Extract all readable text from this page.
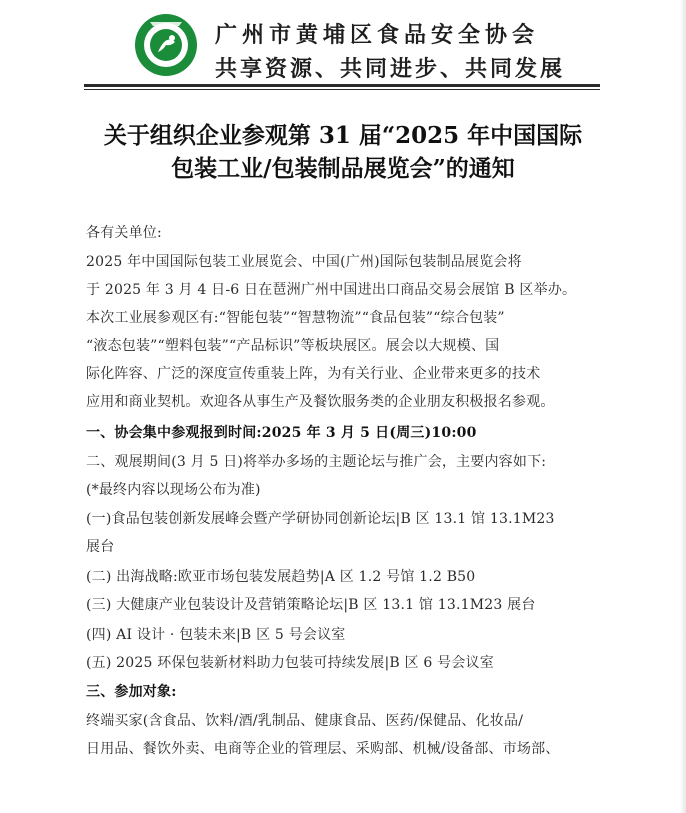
广州市黄埔区食品安全协会
共享资源、共同进步、共同发展
关于组织企业参观第 31 届“2025 年中国国际
包装工业/包装制品展览会”的通知
各有关单位:
2025 年中国国际包装工业展览会、中国(广州)国际包装制品展览会将
于 2025 年 3 月 4 日-6 日在琶洲广州中国进出口商品交易会展馆 B 区举办。
本次工业展参观区有:“智能包装”“智慧物流”“食品包装”“综合包装”
“液态包装”“塑料包装”“产品标识”等板块展区。展会以大规模、国
际化阵容、广泛的深度宣传重装上阵，为有关行业、企业带来更多的技术
应用和商业契机。欢迎各从事生产及餐饮服务类的企业朋友积极报名参观。
一、协会集中参观报到时间:2025 年 3 月 5 日(周三)10:00
二、观展期间(3 月 5 日)将举办多场的主题论坛与推广会，主要内容如下:
(*最终内容以现场公布为准)
(一)食品包装创新发展峰会暨产学研协同创新论坛|B 区 13.1 馆 13.1M23
展台
(二) 出海战略:欧亚市场包装发展趋势|A 区 1.2 号馆 1.2 B50
(三) 大健康产业包装设计及营销策略论坛|B 区 13.1 馆 13.1M23 展台
(四) AI 设计 · 包装未来|B 区 5 号会议室
(五) 2025 环保包装新材料助力包装可持续发展|B 区 6 号会议室
三、参加对象:
终端买家(含食品、饮料/酒/乳制品、健康食品、医药/保健品、化妆品/
日用品、餐饮外卖、电商等企业的管理层、采购部、机械/设备部、市场部、
